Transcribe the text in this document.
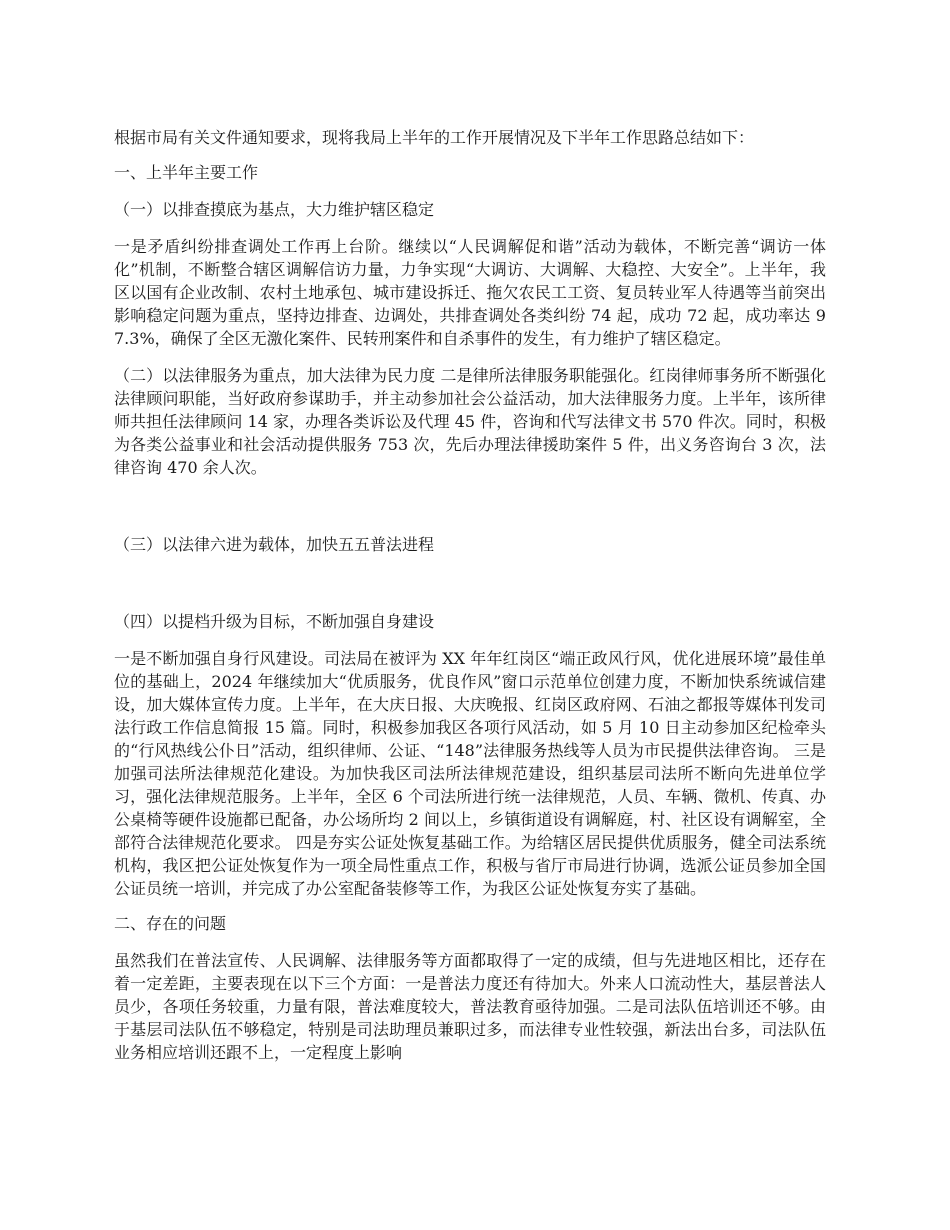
根据市局有关文件通知要求，现将我局上半年的工作开展情况及下半年工作思路总结如下：

一、上半年主要工作

（一）以排查摸底为基点，大力维护辖区稳定

一是矛盾纠纷排查调处工作再上台阶。继续以“人民调解促和谐”活动为载体，不断完善“调访一体化”机制，不断整合辖区调解信访力量，力争实现“大调访、大调解、大稳控、大安全”。上半年，我区以国有企业改制、农村土地承包、城市建设拆迁、拖欠农民工工资、复员转业军人待遇等当前突出影响稳定问题为重点，坚持边排查、边调处，共排查调处各类纠纷 74 起，成功 72 起，成功率达 97.3%，确保了全区无激化案件、民转刑案件和自杀事件的发生，有力维护了辖区稳定。

（二）以法律服务为重点，加大法律为民力度 二是律所法律服务职能强化。红岗律师事务所不断强化法律顾问职能，当好政府参谋助手，并主动参加社会公益活动，加大法律服务力度。上半年，该所律师共担任法律顾问 14 家，办理各类诉讼及代理 45 件，咨询和代写法律文书 570 件次。同时，积极为各类公益事业和社会活动提供服务 753 次，先后办理法律援助案件 5 件，出义务咨询台 3 次，法律咨询 470 余人次。

（三）以法律六进为载体，加快五五普法进程

（四）以提档升级为目标，不断加强自身建设

一是不断加强自身行风建设。司法局在被评为 XX 年年红岗区“端正政风行风，优化进展环境”最佳单位的基础上，2024 年继续加大“优质服务，优良作风”窗口示范单位创建力度，不断加快系统诚信建设，加大媒体宣传力度。上半年，在大庆日报、大庆晚报、红岗区政府网、石油之都报等媒体刊发司法行政工作信息简报 15 篇。同时，积极参加我区各项行风活动，如 5 月 10 日主动参加区纪检牵头的“行风热线公仆日”活动，组织律师、公证、“148”法律服务热线等人员为市民提供法律咨询。 三是加强司法所法律规范化建设。为加快我区司法所法律规范建设，组织基层司法所不断向先进单位学习，强化法律规范服务。上半年，全区 6 个司法所进行统一法律规范，人员、车辆、微机、传真、办公桌椅等硬件设施都已配备，办公场所均 2 间以上，乡镇街道设有调解庭，村、社区设有调解室，全部符合法律规范化要求。 四是夯实公证处恢复基础工作。为给辖区居民提供优质服务，健全司法系统机构，我区把公证处恢复作为一项全局性重点工作，积极与省厅市局进行协调，选派公证员参加全国公证员统一培训，并完成了办公室配备装修等工作，为我区公证处恢复夯实了基础。

二、存在的问题

虽然我们在普法宣传、人民调解、法律服务等方面都取得了一定的成绩，但与先进地区相比，还存在着一定差距，主要表现在以下三个方面：一是普法力度还有待加大。外来人口流动性大，基层普法人员少，各项任务较重，力量有限，普法难度较大，普法教育亟待加强。二是司法队伍培训还不够。由于基层司法队伍不够稳定，特别是司法助理员兼职过多，而法律专业性较强，新法出台多，司法队伍业务相应培训还跟不上，一定程度上影响
